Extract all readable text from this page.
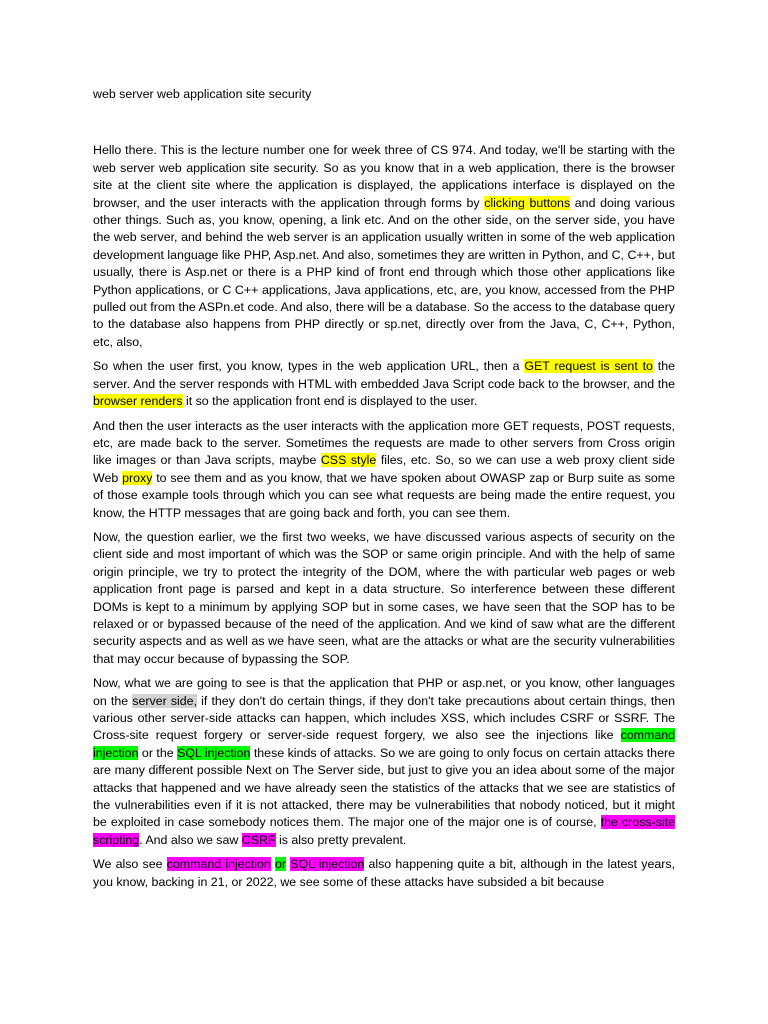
web server web application site security

Hello there. This is the lecture number one for week three of CS 974. And today, we'll be starting with the web server web application site security. So as you know that in a web application, there is the browser site at the client site where the application is displayed, the applications interface is displayed on the browser, and the user interacts with the application through forms by clicking buttons and doing various other things. Such as, you know, opening, a link etc. And on the other side, on the server side, you have the web server, and behind the web server is an application usually written in some of the web application development language like PHP, Asp.net. And also, sometimes they are written in Python, and C, C++, but usually, there is Asp.net or there is a PHP kind of front end through which those other applications like Python applications, or C C++ applications, Java applications, etc, are, you know, accessed from the PHP pulled out from the ASPn.et code. And also, there will be a database. So the access to the database query to the database also happens from PHP directly or sp.net, directly over from the Java, C, C++, Python, etc, also,

So when the user first, you know, types in the web application URL, then a GET request is sent to the server. And the server responds with HTML with embedded Java Script code back to the browser, and the browser renders it so the application front end is displayed to the user.

And then the user interacts as the user interacts with the application more GET requests, POST requests, etc, are made back to the server. Sometimes the requests are made to other servers from Cross origin like images or than Java scripts, maybe CSS style files, etc. So, so we can use a web proxy client side Web proxy to see them and as you know, that we have spoken about OWASP zap or Burp suite as some of those example tools through which you can see what requests are being made the entire request, you know, the HTTP messages that are going back and forth, you can see them.

Now, the question earlier, we the first two weeks, we have discussed various aspects of security on the client side and most important of which was the SOP or same origin principle. And with the help of same origin principle, we try to protect the integrity of the DOM, where the with particular web pages or web application front page is parsed and kept in a data structure. So interference between these different DOMs is kept to a minimum by applying SOP but in some cases, we have seen that the SOP has to be relaxed or or bypassed because of the need of the application. And we kind of saw what are the different security aspects and as well as we have seen, what are the attacks or what are the security vulnerabilities that may occur because of bypassing the SOP.

Now, what we are going to see is that the application that PHP or asp.net, or you know, other languages on the server side, if they don't do certain things, if they don't take precautions about certain things, then various other server-side attacks can happen, which includes XSS, which includes CSRF or SSRF. The Cross-site request forgery or server-side request forgery, we also see the injections like command injection or the SQL injection these kinds of attacks. So we are going to only focus on certain attacks there are many different possible Next on The Server side, but just to give you an idea about some of the major attacks that happened and we have already seen the statistics of the attacks that we see are statistics of the vulnerabilities even if it is not attacked, there may be vulnerabilities that nobody noticed, but it might be exploited in case somebody notices them. The major one of the major one is of course, the cross-site scripting. And also we saw CSRF is also pretty prevalent.

We also see command injection or SQL injection also happening quite a bit, although in the latest years, you know, backing in 21, or 2022, we see some of these attacks have subsided a bit because
